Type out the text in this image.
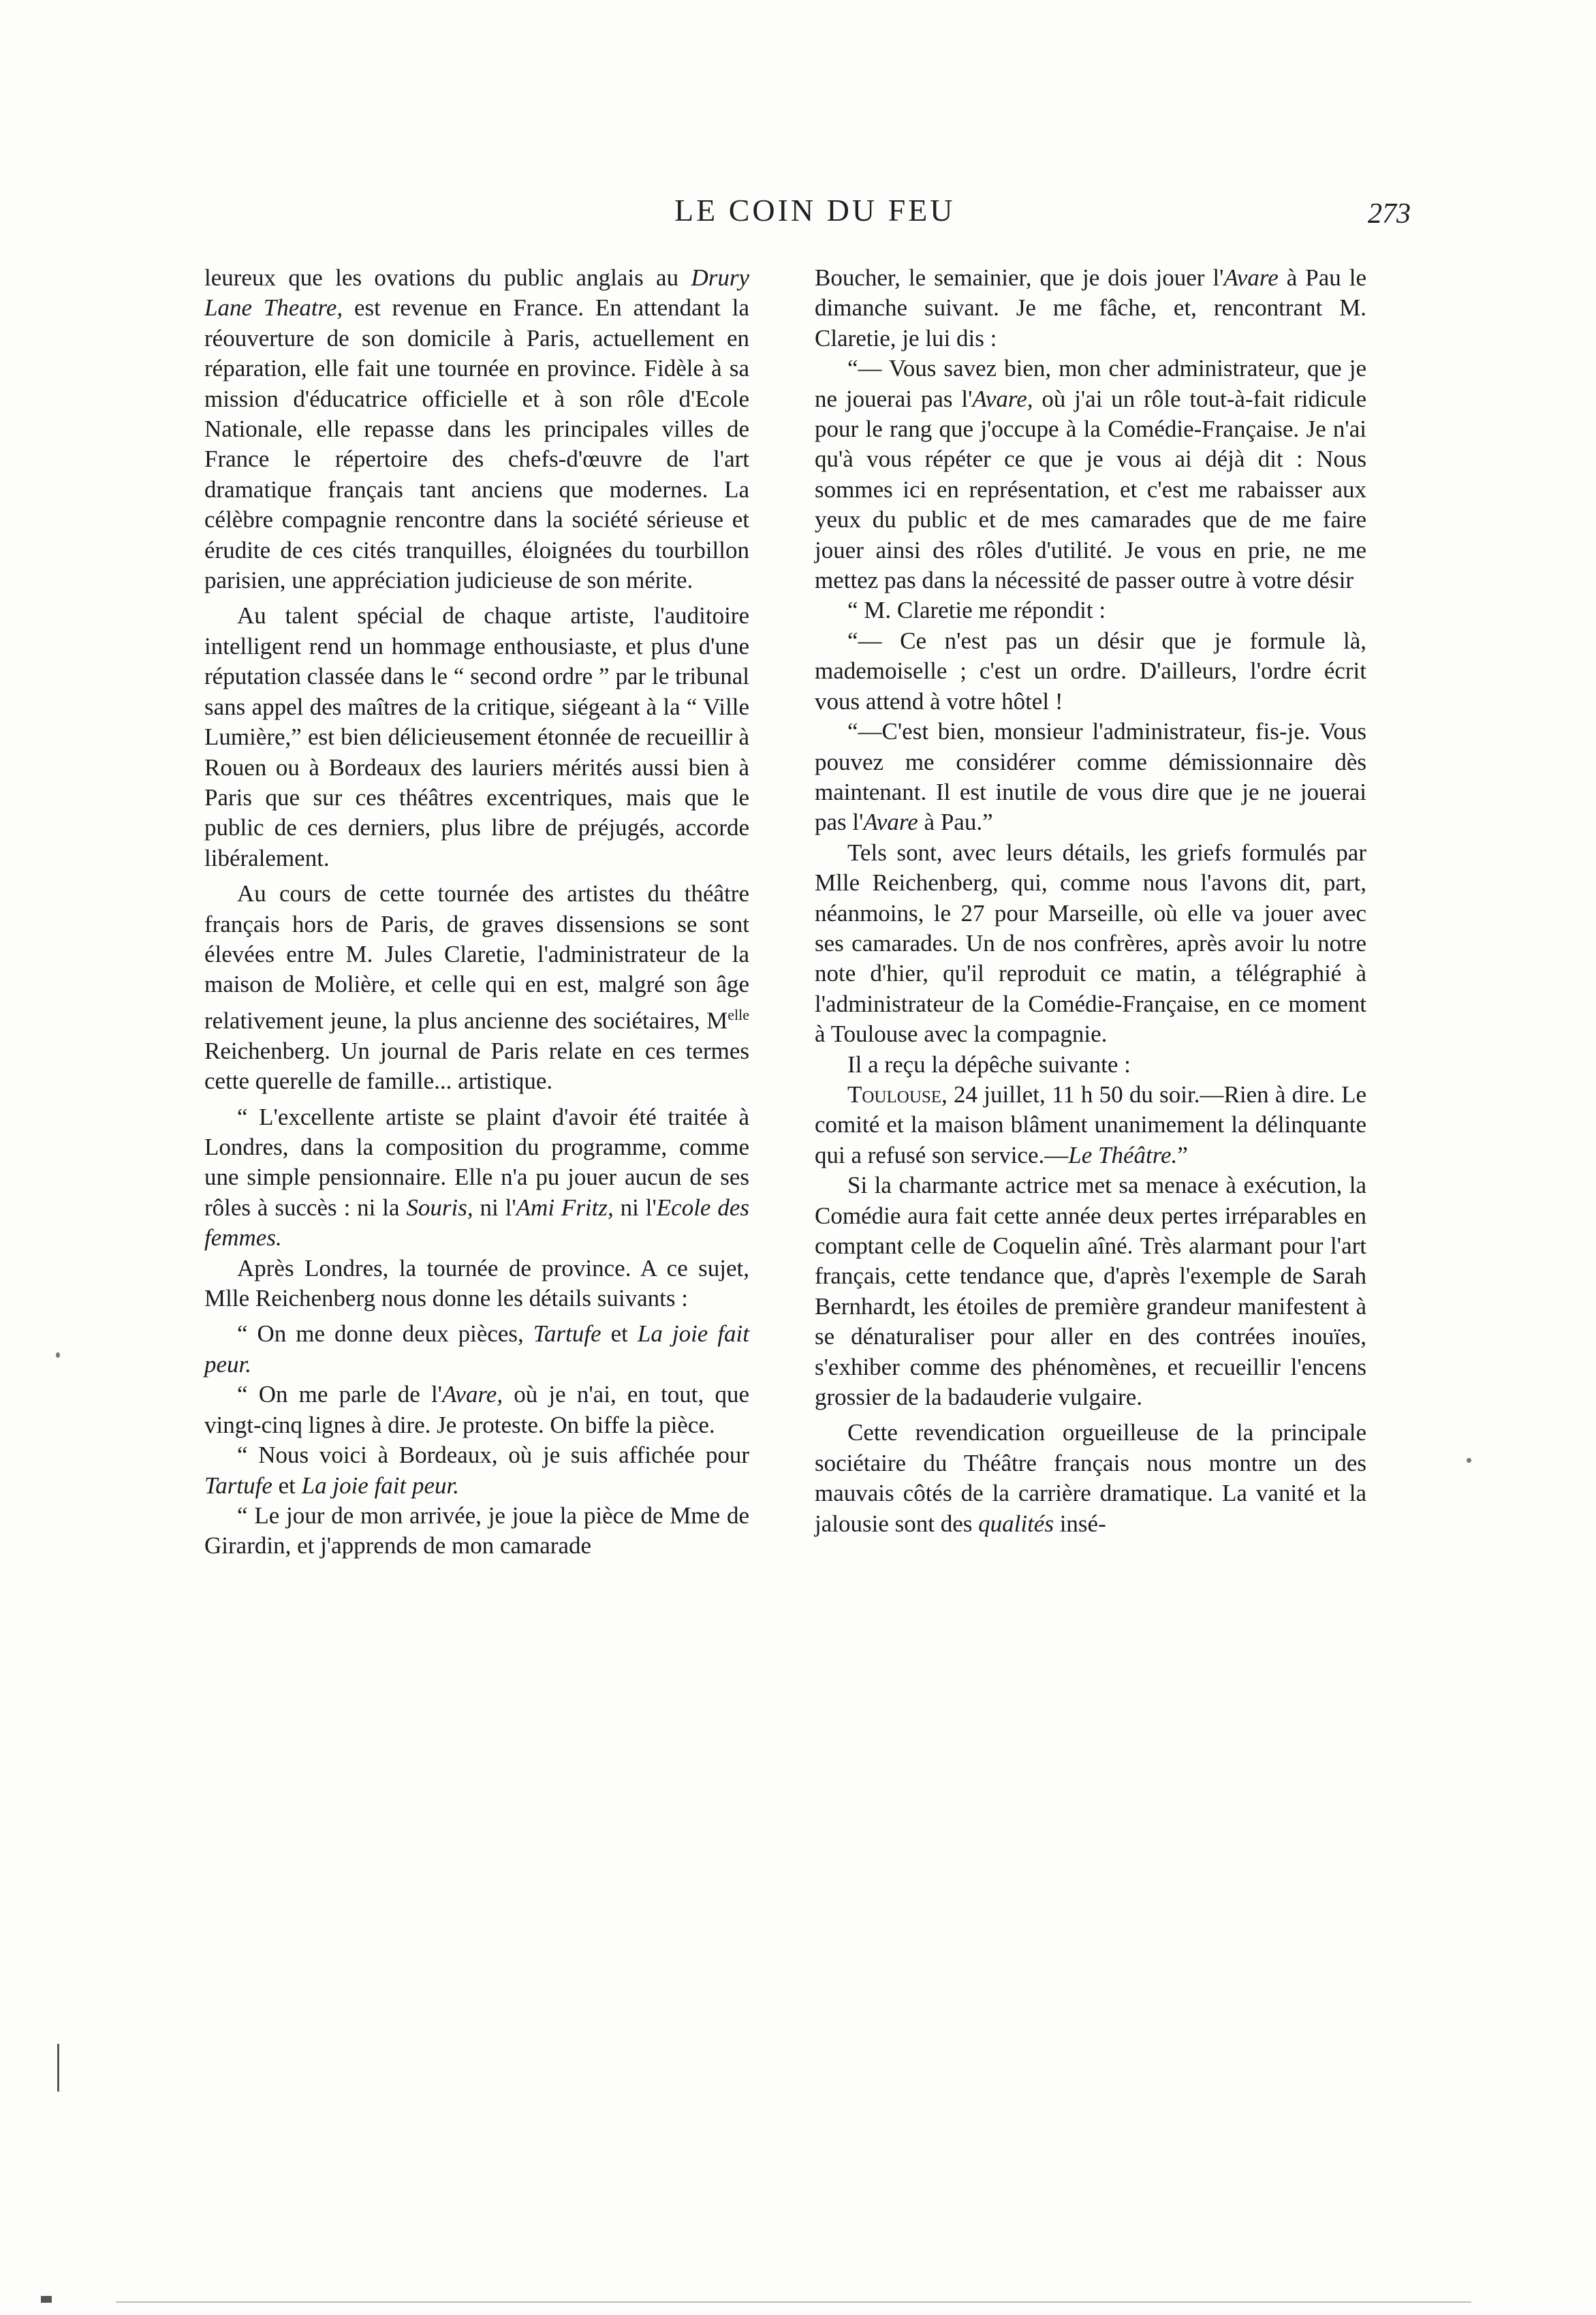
LE COIN DU FEU	273

leureux que les ovations du public anglais au Drury Lane Theatre, est revenue en France. En attendant la réouverture de son domicile à Paris, actuellement en réparation, elle fait une tournée en province. Fidèle à sa mission d'éducatrice officielle et à son rôle d'Ecole Nationale, elle repasse dans les principales villes de France le répertoire des chefs-d'œuvre de l'art dramatique français tant anciens que modernes. La célèbre compagnie rencontre dans la société sérieuse et érudite de ces cités tranquilles, éloignées du tourbillon parisien, une appréciation judicieuse de son mérite.

Au talent spécial de chaque artiste, l'auditoire intelligent rend un hommage enthousiaste, et plus d'une réputation classée dans le “ second ordre ” par le tribunal sans appel des maîtres de la critique, siégeant à la “ Ville Lumière,” est bien délicieusement étonnée de recueillir à Rouen ou à Bordeaux des lauriers mérités aussi bien à Paris que sur ces théâtres excentriques, mais que le public de ces derniers, plus libre de préjugés, accorde libéralement.

Au cours de cette tournée des artistes du théâtre français hors de Paris, de graves dissensions se sont élevées entre M. Jules Claretie, l'administrateur de la maison de Molière, et celle qui en est, malgré son âge relativement jeune, la plus ancienne des sociétaires, $M^{elle}$ Reichenberg. Un journal de Paris relate en ces termes cette querelle de famille... artistique.

“ L'excellente artiste se plaint d'avoir été traitée à Londres, dans la composition du programme, comme une simple pensionnaire. Elle n'a pu jouer aucun de ses rôles à succès : ni la Souris, ni l'Ami Fritz, ni l'Ecole des femmes.

Après Londres, la tournée de province. A ce sujet, Mlle Reichenberg nous donne les détails suivants :

“ On me donne deux pièces, Tartufe et La joie fait peur.

“ On me parle de l'Avare, où je n'ai, en tout, que vingt-cinq lignes à dire. Je proteste. On biffe la pièce.

“ Nous voici à Bordeaux, où je suis affichée pour Tartufe et La joie fait peur.

“ Le jour de mon arrivée, je joue la pièce de Mme de Girardin, et j'apprends de mon camarade

Boucher, le semainier, que je dois jouer l'Avare à Pau le dimanche suivant. Je me fâche, et, rencontrant M. Claretie, je lui dis :

“— Vous savez bien, mon cher administrateur, que je ne jouerai pas l'Avare, où j'ai un rôle tout-à-fait ridicule pour le rang que j'occupe à la Comédie-Française. Je n'ai qu'à vous répéter ce que je vous ai déjà dit : Nous sommes ici en représentation, et c'est me rabaisser aux yeux du public et de mes camarades que de me faire jouer ainsi des rôles d'utilité. Je vous en prie, ne me mettez pas dans la nécessité de passer outre à votre désir

“ M. Claretie me répondit :

“— Ce n'est pas un désir que je formule là, mademoiselle ; c'est un ordre. D'ailleurs, l'ordre écrit vous attend à votre hôtel !

“—C'est bien, monsieur l'administrateur, fis-je. Vous pouvez me considérer comme démissionnaire dès maintenant. Il est inutile de vous dire que je ne jouerai pas l'Avare à Pau.”

Tels sont, avec leurs détails, les griefs formulés par Mlle Reichenberg, qui, comme nous l'avons dit, part, néanmoins, le 27 pour Marseille, où elle va jouer avec ses camarades. Un de nos confrères, après avoir lu notre note d'hier, qu'il reproduit ce matin, a télégraphié à l'administrateur de la Comédie-Française, en ce moment à Toulouse avec la compagnie.

Il a reçu la dépêche suivante :

Toulouse, 24 juillet, 11 h 50 du soir.—Rien à dire. Le comité et la maison blâment unanimement la délinquante qui a refusé son service.—Le Théâtre.”

Si la charmante actrice met sa menace à exécution, la Comédie aura fait cette année deux pertes irréparables en comptant celle de Coquelin aîné. Très alarmant pour l'art français, cette tendance que, d'après l'exemple de Sarah Bernhardt, les étoiles de première grandeur manifestent à se dénaturaliser pour aller en des contrées inouïes, s'exhiber comme des phénomènes, et recueillir l'encens grossier de la badauderie vulgaire.

Cette revendication orgueilleuse de la principale sociétaire du Théâtre français nous montre un des mauvais côtés de la carrière dramatique. La vanité et la jalousie sont des qualités insé-
